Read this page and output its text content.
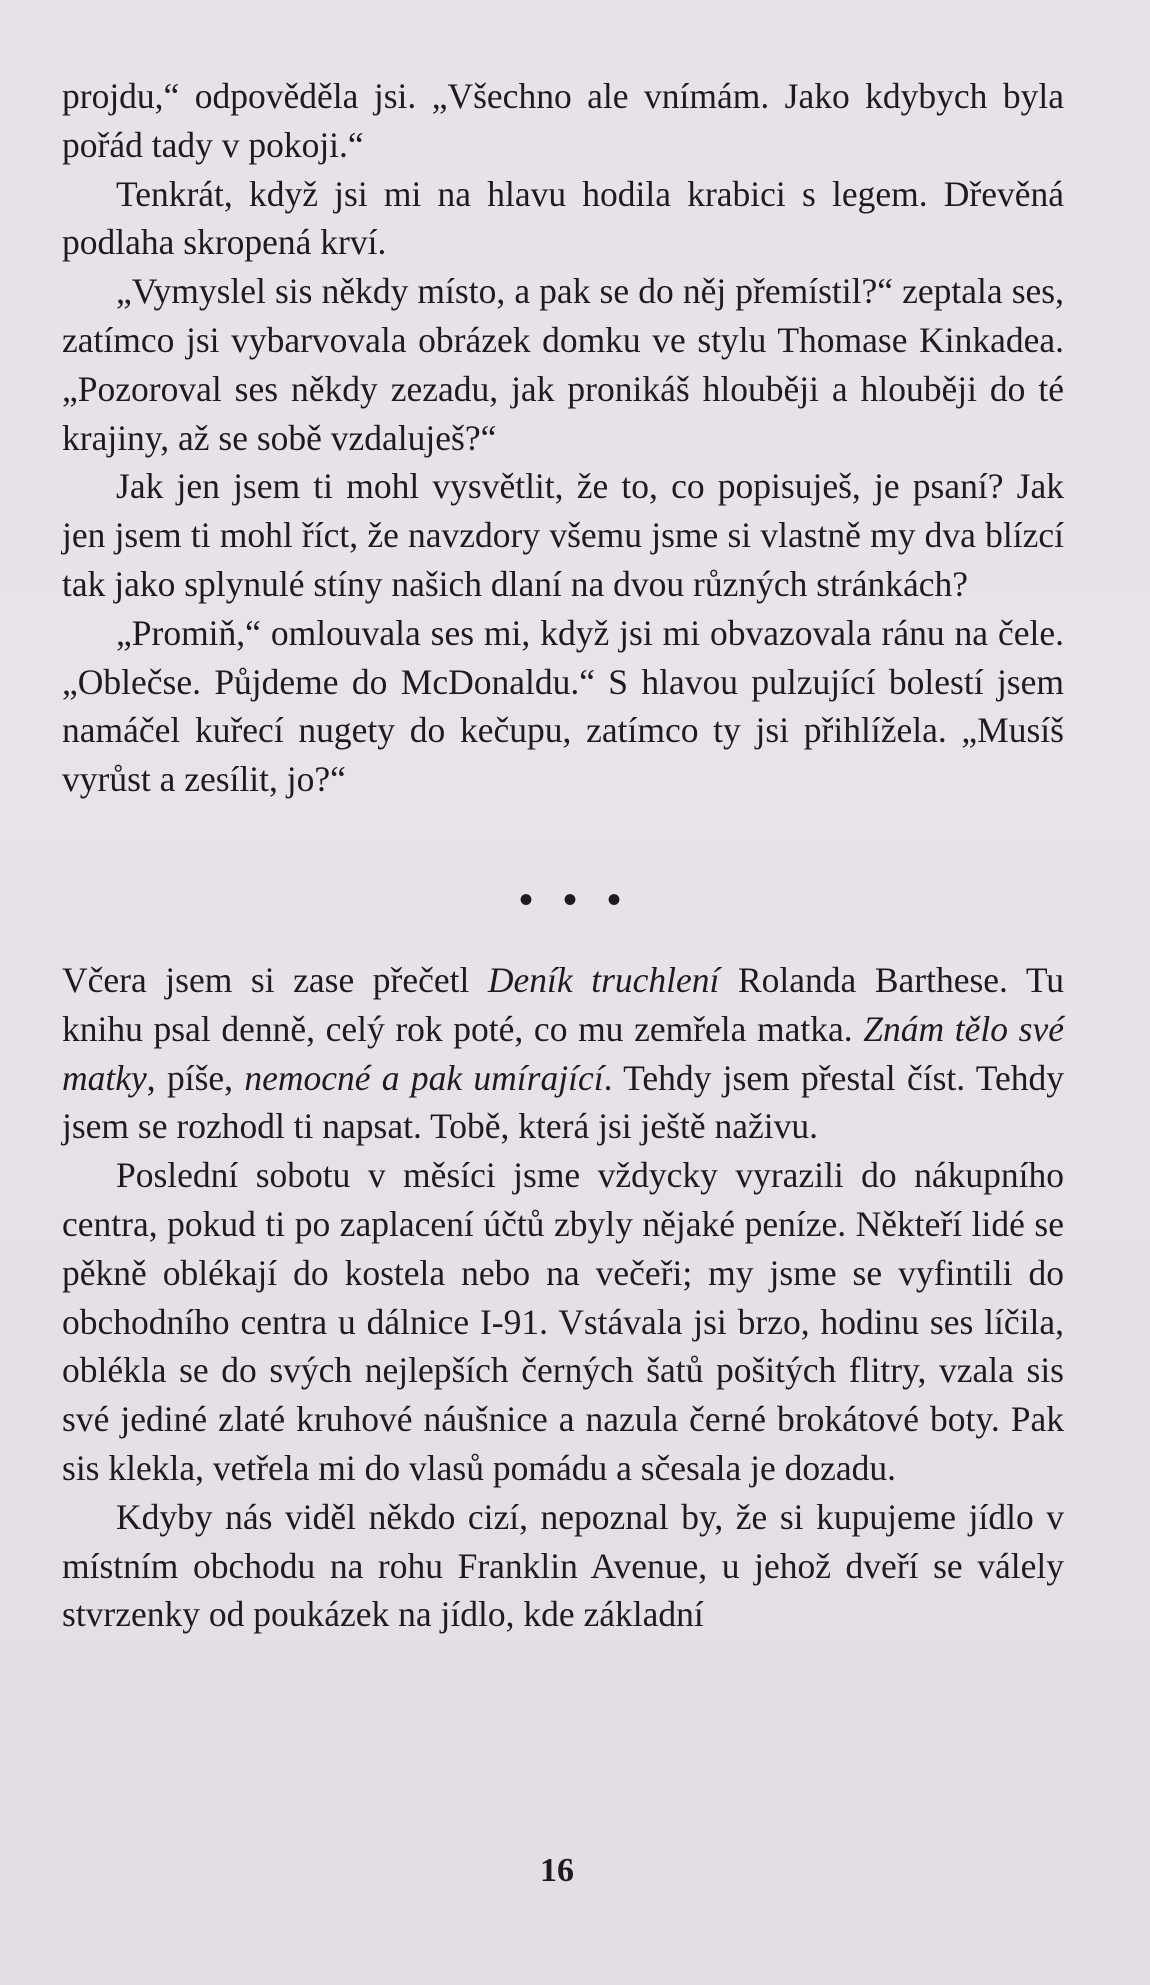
projdu,“ odpověděla jsi. „Všechno ale vnímám. Jako kdybych byla pořád tady v pokoji.“

Tenkrát, když jsi mi na hlavu hodila krabici s legem. Dřevěná podlaha skropená krví.

„Vymyslel sis někdy místo, a pak se do něj přemístil?“ zeptala ses, zatímco jsi vybarvovala obrázek domku ve stylu Thomase Kinkadea. „Pozoroval ses někdy zezadu, jak pronikáš hlouběji a hlouběji do té krajiny, až se sobě vzdaluješ?“

Jak jen jsem ti mohl vysvětlit, že to, co popisuješ, je psaní? Jak jen jsem ti mohl říct, že navzdory všemu jsme si vlastně my dva blízcí tak jako splynulé stíny našich dlaní na dvou různých stránkách?

„Promiň,“ omlouvala ses mi, když jsi mi obvazovala ránu na čele. „Oblečse. Půjdeme do McDonaldu.“ S hlavou pulzující bolestí jsem namáčel kuřecí nugety do kečupu, zatímco ty jsi přihlížela. „Musíš vyrůst a zesílit, jo?“

• • •

Včera jsem si zase přečetl Deník truchlení Rolanda Barthese. Tu knihu psal denně, celý rok poté, co mu zemřela matka. Znám tělo své matky, píše, nemocné a pak umírající. Tehdy jsem přestal číst. Tehdy jsem se rozhodl ti napsat. Tobě, která jsi ještě naživu.

Poslední sobotu v měsíci jsme vždycky vyrazili do nákupního centra, pokud ti po zaplacení účtů zbyly nějaké peníze. Někteří lidé se pěkně oblékají do kostela nebo na večeři; my jsme se vyfintili do obchodního centra u dálnice I-91. Vstávala jsi brzo, hodinu ses líčila, oblékla se do svých nejlepších černých šatů pošitých flitry, vzala sis své jediné zlaté kruhové náušnice a nazula černé brokátové boty. Pak sis klekla, vetřela mi do vlasů pomádu a sčesala je dozadu.

Kdyby nás viděl někdo cizí, nepoznal by, že si kupujeme jídlo v místním obchodu na rohu Franklin Avenue, u jehož dveří se válely stvrzenky od poukázek na jídlo, kde základní

16
